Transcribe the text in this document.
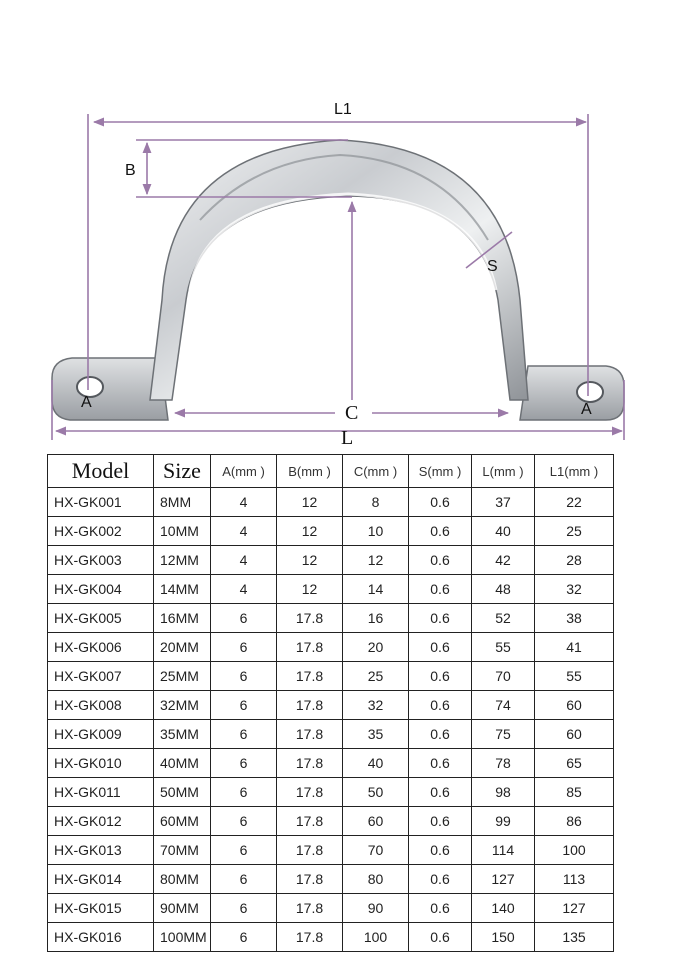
L1
B
S
A	A
C
L
Model	Size	A(mm )	B(mm )	C(mm )	S(mm )	L(mm )	L1(mm )
HX-GK001	8MM	4	12	8	0.6	37	22
HX-GK002	10MM	4	12	10	0.6	40	25
HX-GK003	12MM	4	12	12	0.6	42	28
HX-GK004	14MM	4	12	14	0.6	48	32
HX-GK005	16MM	6	17.8	16	0.6	52	38
HX-GK006	20MM	6	17.8	20	0.6	55	41
HX-GK007	25MM	6	17.8	25	0.6	70	55
HX-GK008	32MM	6	17.8	32	0.6	74	60
HX-GK009	35MM	6	17.8	35	0.6	75	60
HX-GK010	40MM	6	17.8	40	0.6	78	65
HX-GK011	50MM	6	17.8	50	0.6	98	85
HX-GK012	60MM	6	17.8	60	0.6	99	86
HX-GK013	70MM	6	17.8	70	0.6	114	100
HX-GK014	80MM	6	17.8	80	0.6	127	113
HX-GK015	90MM	6	17.8	90	0.6	140	127
HX-GK016	100MM	6	17.8	100	0.6	150	135
